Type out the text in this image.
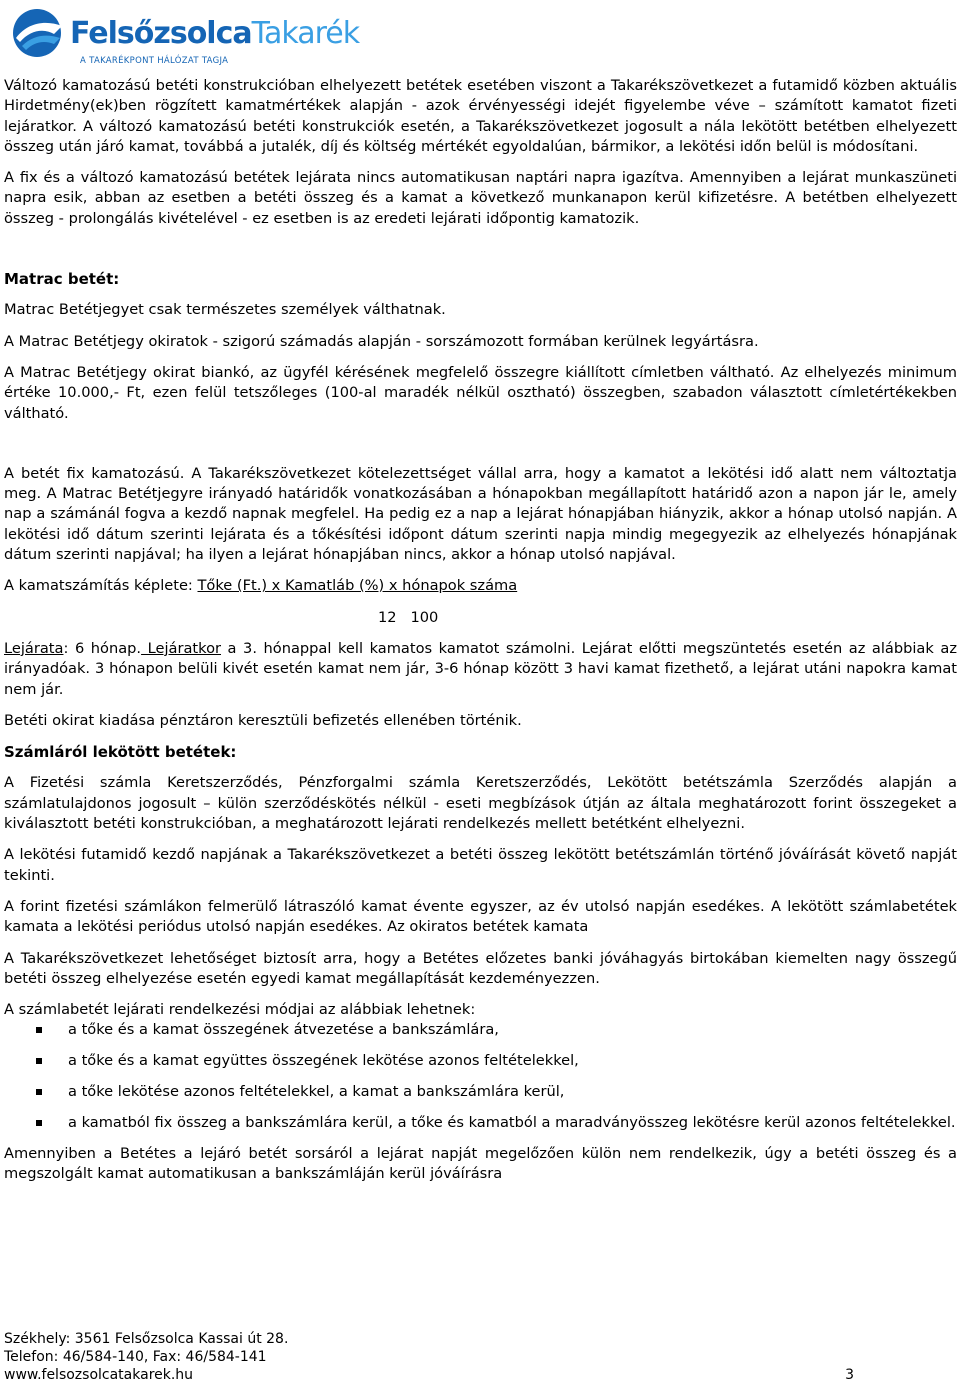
FelsőzsolcaTakarék
A TAKARÉKPONT HÁLÓZAT TAGJA

Változó kamatozású betéti konstrukcióban elhelyezett betétek esetében viszont a Takarékszövetkezet a futamidő közben aktuális Hirdetmény(ek)ben rögzített kamatmértékek alapján - azok érvényességi idejét figyelembe véve – számított kamatot fizeti lejáratkor. A változó kamatozású betéti konstrukciók esetén, a Takarékszövetkezet jogosult a nála lekötött betétben elhelyezett összeg után járó kamat, továbbá a jutalék, díj és költség mértékét egyoldalúan, bármikor, a lekötési időn belül is módosítani.

A fix és a változó kamatozású betétek lejárata nincs automatikusan naptári napra igazítva. Amennyiben a lejárat munkaszüneti napra esik, abban az esetben a betéti összeg és a kamat a következő munkanapon kerül kifizetésre. A betétben elhelyezett összeg - prolongálás kivételével - ez esetben is az eredeti lejárati időpontig kamatozik.

Matrac betét:

Matrac Betétjegyet csak természetes személyek válthatnak.

A Matrac Betétjegy okiratok - szigorú számadás alapján - sorszámozott formában kerülnek legyártásra.

A Matrac Betétjegy okirat biankó, az ügyfél kérésének megfelelő összegre kiállított címletben váltható. Az elhelyezés minimum értéke 10.000,- Ft, ezen felül tetszőleges (100-al maradék nélkül osztható) összegben, szabadon választott címletértékekben váltható.

A betét fix kamatozású. A Takarékszövetkezet kötelezettséget vállal arra, hogy a kamatot a lekötési idő alatt nem változtatja meg. A Matrac Betétjegyre irányadó határidők vonatkozásában a hónapokban megállapított határidő azon a napon jár le, amely nap a számánál fogva a kezdő napnak megfelel. Ha pedig ez a nap a lejárat hónapjában hiányzik, akkor a hónap utolsó napján. A lekötési idő dátum szerinti lejárata és a tőkésítési időpont dátum szerinti napja mindig megegyezik az elhelyezés hónapjának dátum szerinti napjával; ha ilyen a lejárat hónapjában nincs, akkor a hónap utolsó napjával.

A kamatszámítás képlete: Tőke (Ft.) x Kamatláb (%) x hónapok száma

12   100

Lejárata: 6 hónap. Lejáratkor a 3. hónappal kell kamatos kamatot számolni. Lejárat előtti megszüntetés esetén az alábbiak az irányadóak. 3 hónapon belüli kivét esetén kamat nem jár, 3-6 hónap között 3 havi kamat fizethető, a lejárat utáni napokra kamat nem jár.

Betéti okirat kiadása pénztáron keresztüli befizetés ellenében történik.

Számláról lekötött betétek:

A Fizetési számla Keretszerződés, Pénzforgalmi számla Keretszerződés, Lekötött betétszámla Szerződés alapján a számlatulajdonos jogosult – külön szerződéskötés nélkül - eseti megbízások útján az általa meghatározott forint összegeket a kiválasztott betéti konstrukcióban, a meghatározott lejárati rendelkezés mellett betétként elhelyezni.

A lekötési futamidő kezdő napjának a Takarékszövetkezet a betéti összeg lekötött betétszámlán történő jóváírását követő napját tekinti.

A forint fizetési számlákon felmerülő látraszóló kamat évente egyszer, az év utolsó napján esedékes. A lekötött számlabetétek kamata a lekötési periódus utolsó napján esedékes. Az okiratos betétek kamata

A Takarékszövetkezet lehetőséget biztosít arra, hogy a Betétes előzetes banki jóváhagyás birtokában kiemelten nagy összegű betéti összeg elhelyezése esetén egyedi kamat megállapítását kezdeményezzen.

A számlabetét lejárati rendelkezési módjai az alábbiak lehetnek:

a tőke és a kamat összegének átvezetése a bankszámlára,
a tőke és a kamat együttes összegének lekötése azonos feltételekkel,
a tőke lekötése azonos feltételekkel, a kamat a bankszámlára kerül,
a kamatból fix összeg a bankszámlára kerül, a tőke és kamatból a maradványösszeg lekötésre kerül azonos feltételekkel.

Amennyiben a Betétes a lejáró betét sorsáról a lejárat napját megelőzően külön nem rendelkezik, úgy a betéti összeg és a megszolgált kamat automatikusan a bankszámláján kerül jóváírásra

Székhely: 3561 Felsőzsolca Kassai út 28.
Telefon: 46/584-140, Fax: 46/584-141
www.felsozsolcatakarek.hu	3
